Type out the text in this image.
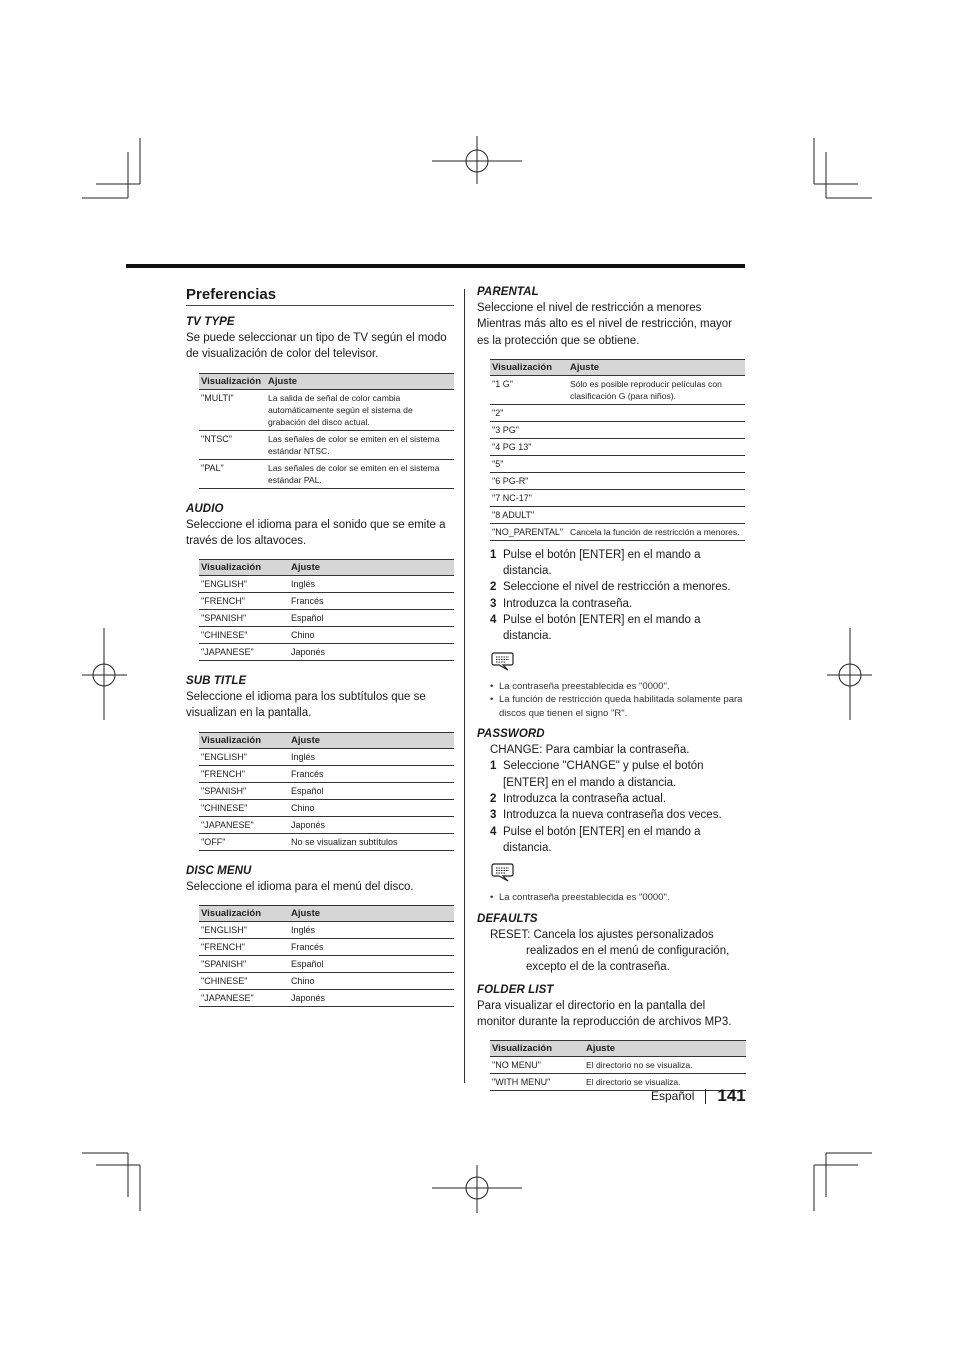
Preferencias
TV TYPE

Se puede seleccionar un tipo de TV según el modo de visualización de color del televisor.

Visualización	Ajuste
"MULTI"	La salida de señal de color cambia automáticamente según el sistema de grabación del disco actual.
"NTSC"	Las señales de color se emiten en el sistema estándar NTSC.
"PAL"	Las señales de color se emiten en el sistema estándar PAL.
AUDIO

Seleccione el idioma para el sonido que se emite a través de los altavoces.

Visualización	Ajuste
"ENGLISH"	Inglés
"FRENCH"	Francés
"SPANISH"	Español
"CHINESE"	Chino
"JAPANESE"	Japonés
SUB TITLE

Seleccione el idioma para los subtítulos que se visualizan en la pantalla.

Visualización	Ajuste
"ENGLISH"	Inglés
"FRENCH"	Francés
"SPANISH"	Español
"CHINESE"	Chino
"JAPANESE"	Japonés
"OFF"	No se visualizan subtítulos
DISC MENU

Seleccione el idioma para el menú del disco.

Visualización	Ajuste
"ENGLISH"	Inglés
"FRENCH"	Francés
"SPANISH"	Español
"CHINESE"	Chino
"JAPANESE"	Japonés
PARENTAL

Seleccione el nivel de restricción a menores Mientras más alto es el nivel de restricción, mayor es la protección que se obtiene.

Visualización	Ajuste
"1 G"	Sólo es posible reproducir películas con clasificación G (para niños).
"2"	
"3 PG"	
"4 PG 13"	
"5"	
"6 PG-R"	
"7 NC-17"	
"8 ADULT"	
"NO_PARENTAL"	Cancela la función de restricción a menores.
1 Pulse el botón [ENTER] en el mando a distancia.
2 Seleccione el nivel de restricción a menores.
3 Introduzca la contraseña.
4 Pulse el botón [ENTER] en el mando a distancia.
• La contraseña preestablecida es "0000".
• La función de restricción queda habilitada solamente para discos que tienen el signo "R".
PASSWORD

CHANGE: Para cambiar la contraseña.

1 Seleccione "CHANGE" y pulse el botón [ENTER] en el mando a distancia.
2 Introduzca la contraseña actual.
3 Introduzca la nueva contraseña dos veces.
4 Pulse el botón [ENTER] en el mando a distancia.
• La contraseña preestablecida es "0000".
DEFAULTS

RESET: Cancela los ajustes personalizados realizados en el menú de configuración, excepto el de la contraseña.

FOLDER LIST

Para visualizar el directorio en la pantalla del monitor durante la reproducción de archivos MP3.

Visualización	Ajuste
"NO MENU"	El directorio no se visualiza.
"WITH MENU"	El directorio se visualiza.
Español 141
